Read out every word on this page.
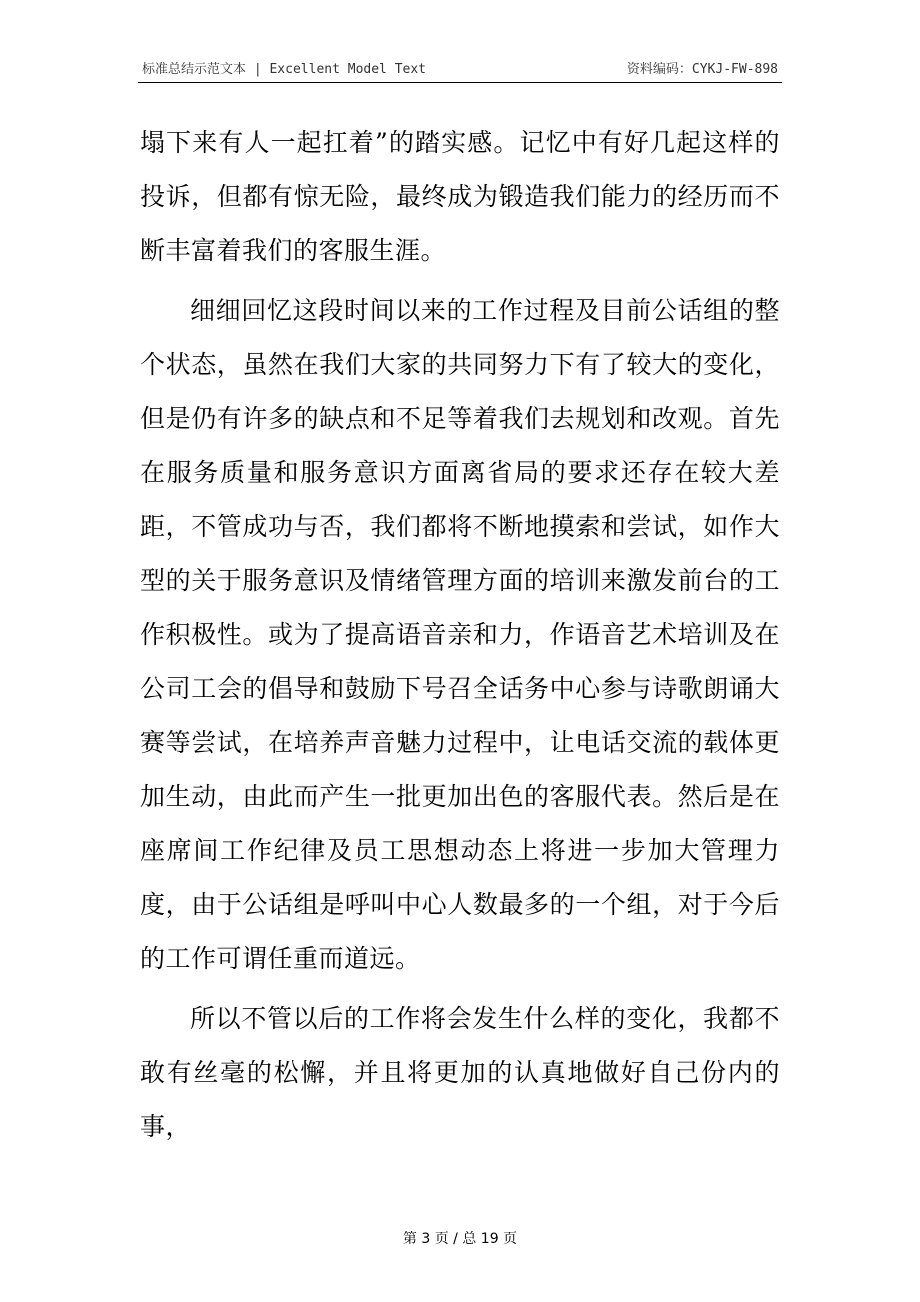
标准总结示范文本 | Excellent Model Text	资料编码：CYKJ-FW-898

塌下来有人一起扛着”的踏实感。记忆中有好几起这样的投诉，但都有惊无险，最终成为锻造我们能力的经历而不断丰富着我们的客服生涯。

细细回忆这段时间以来的工作过程及目前公话组的整个状态，虽然在我们大家的共同努力下有了较大的变化，但是仍有许多的缺点和不足等着我们去规划和改观。首先在服务质量和服务意识方面离省局的要求还存在较大差距，不管成功与否，我们都将不断地摸索和尝试，如作大型的关于服务意识及情绪管理方面的培训来激发前台的工作积极性。或为了提高语音亲和力，作语音艺术培训及在公司工会的倡导和鼓励下号召全话务中心参与诗歌朗诵大赛等尝试，在培养声音魅力过程中，让电话交流的载体更加生动，由此而产生一批更加出色的客服代表。然后是在座席间工作纪律及员工思想动态上将进一步加大管理力度，由于公话组是呼叫中心人数最多的一个组，对于今后的工作可谓任重而道远。

所以不管以后的工作将会发生什么样的变化，我都不敢有丝毫的松懈，并且将更加的认真地做好自己份内的事，

第 3 页 / 总 19 页
